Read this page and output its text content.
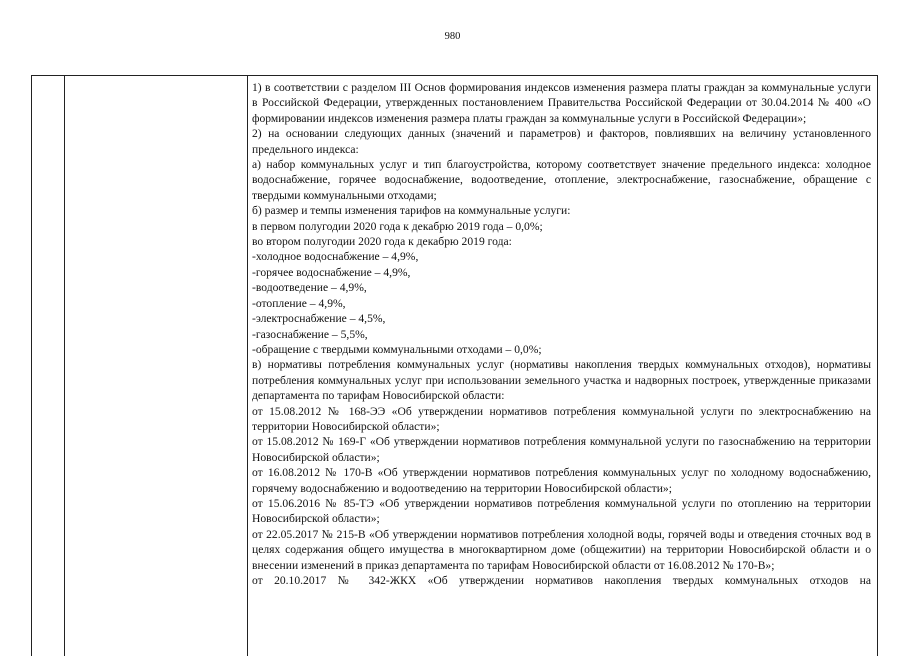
980

1) в соответствии с разделом III Основ формирования индексов изменения размера платы граждан за коммунальные услуги в Российской Федерации, утвержденных постановлением Правительства Российской Федерации от 30.04.2014 № 400 «О формировании индексов изменения размера платы граждан за коммунальные услуги в Российской Федерации»;

2) на основании следующих данных (значений и параметров) и факторов, повлиявших на величину установленного предельного индекса:

а) набор коммунальных услуг и тип благоустройства, которому соответствует значение предельного индекса: холодное водоснабжение, горячее водоснабжение, водоотведение, отопление, электроснабжение, газоснабжение, обращение с твердыми коммунальными отходами;

б) размер и темпы изменения тарифов на коммунальные услуги:

в первом полугодии 2020 года к декабрю 2019 года – 0,0%;

во втором полугодии 2020 года к декабрю 2019 года:

-холодное водоснабжение – 4,9%,

-горячее водоснабжение – 4,9%,

-водоотведение – 4,9%,

-отопление – 4,9%,

-электроснабжение – 4,5%,

-газоснабжение – 5,5%,

-обращение с твердыми коммунальными отходами – 0,0%;

в) нормативы потребления коммунальных услуг (нормативы накопления твердых коммунальных отходов), нормативы потребления коммунальных услуг при использовании земельного участка и надворных построек, утвержденные приказами департамента по тарифам Новосибирской области:

от 15.08.2012 № 168-ЭЭ «Об утверждении нормативов потребления коммунальной услуги по электроснабжению на территории Новосибирской области»;

от 15.08.2012 № 169-Г «Об утверждении нормативов потребления коммунальной услуги по газоснабжению на территории Новосибирской области»;

от 16.08.2012 № 170-В «Об утверждении нормативов потребления коммунальных услуг по холодному водоснабжению, горячему водоснабжению и водоотведению на территории Новосибирской области»;

от 15.06.2016 № 85-ТЭ «Об утверждении нормативов потребления коммунальной услуги по отоплению на территории Новосибирской области»;

от 22.05.2017 № 215-В «Об утверждении нормативов потребления холодной воды, горячей воды и отведения сточных вод в целях содержания общего имущества в многоквартирном доме (общежитии) на территории Новосибирской области и о внесении изменений в приказ департамента по тарифам Новосибирской области от 16.08.2012 № 170-В»;

от 20.10.2017 № 342-ЖКХ «Об утверждении нормативов накопления твердых коммунальных отходов на
